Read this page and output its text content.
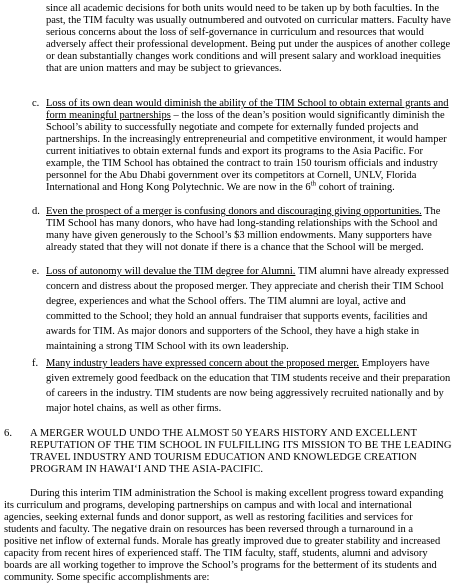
since all academic decisions for both units would need to be taken up by both faculties. In the
past, the TIM faculty was usually outnumbered and outvoted on curricular matters. Faculty have
serious concerns about the loss of self-governance in curriculum and resources that would
adversely affect their professional development. Being put under the auspices of another college
or dean substantially changes work conditions and will present salary and workload inequities
that are union matters and may be subject to grievances.
c. Loss of its own dean would diminish the ability of the TIM School to obtain external grants and
form meaningful partnerships – the loss of the dean’s position would significantly diminish the
School’s ability to successfully negotiate and compete for externally funded projects and
partnerships. In the increasingly entrepreneurial and competitive environment, it would hamper
current initiatives to obtain external funds and export its programs to the Asia Pacific. For
example, the TIM School has obtained the contract to train 150 tourism officials and industry
personnel for the Abu Dhabi government over its competitors at Cornell, UNLV, Florida
International and Hong Kong Polytechnic. We are now in the 6th cohort of training.
d. Even the prospect of a merger is confusing donors and discouraging giving opportunities. The
TIM School has many donors, who have had long-standing relationships with the School and
many have given generously to the School’s $3 million endowments. Many supporters have
already stated that they will not donate if there is a chance that the School will be merged.
e. Loss of autonomy will devalue the TIM degree for Alumni. TIM alumni have already expressed
concern and distress about the proposed merger. They appreciate and cherish their TIM School
degree, experiences and what the School offers. The TIM alumni are loyal, active and
committed to the School; they hold an annual fundraiser that supports events, facilities and
awards for TIM. As major donors and supporters of the School, they have a high stake in
maintaining a strong TIM School with its own leadership.
f. Many industry leaders have expressed concern about the proposed merger. Employers have
given extremely good feedback on the education that TIM students receive and their preparation
of careers in the industry. TIM students are now being aggressively recruited nationally and by
major hotel chains, as well as other firms.
6. A MERGER WOULD UNDO THE ALMOST 50 YEARS HISTORY AND EXCELLENT
REPUTATION OF THE TIM SCHOOL IN FULFILLING ITS MISSION TO BE THE LEADING
TRAVEL INDUSTRY AND TOURISM EDUCATION AND KNOWLEDGE CREATION
PROGRAM IN HAWAI‘I AND THE ASIA-PACIFIC.
During this interim TIM administration the School is making excellent progress toward expanding
its curriculum and programs, developing partnerships on campus and with local and international
agencies, seeking external funds and donor support, as well as restoring facilities and services for
students and faculty. The negative drain on resources has been reversed through a turnaround in a
positive net inflow of external funds. Morale has greatly improved due to greater stability and increased
capacity from recent hires of experienced staff. The TIM faculty, staff, students, alumni and advisory
boards are all working together to improve the School’s programs for the betterment of its students and
community. Some specific accomplishments are:
